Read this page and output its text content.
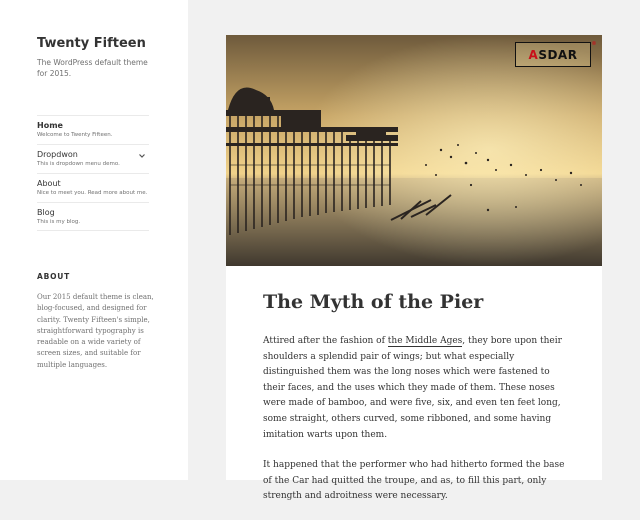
Twenty Fifteen
The WordPress default theme for 2015.
Home
Welcome to Twenty Fifteen.
Dropdwon
This is dropdown menu demo.
About
Nice to meet you. Read more about me.
Blog
This is my blog.
ABOUT

Our 2015 default theme is clean, blog-focused, and designed for clarity. Twenty Fifteen's simple, straightforward typography is readable on a wide variety of screen sizes, and suitable for multiple languages.

A SDAR
®
The Myth of the Pier

Attired after the fashion of the Middle Ages, they bore upon their shoulders a splendid pair of wings; but what especially distinguished them was the long noses which were fastened to their faces, and the uses which they made of them. These noses were made of bamboo, and were five, six, and even ten feet long, some straight, others curved, some ribboned, and some having imitation warts upon them.

It happened that the performer who had hitherto formed the base of the Car had quitted the troupe, and as, to fill this part, only strength and adroitness were necessary.
